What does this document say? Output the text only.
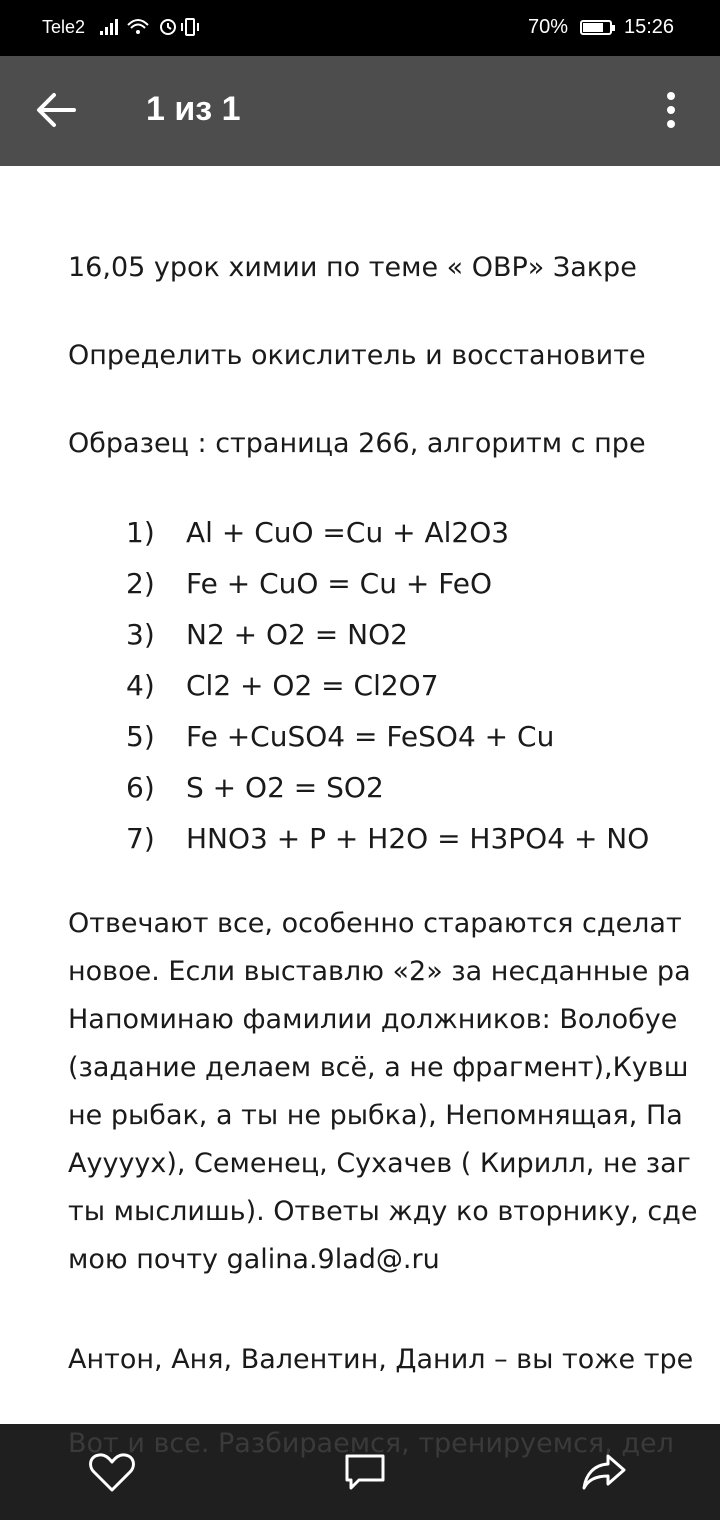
Tele2	70%	15:26
1 из 1
16,05 урок химии по теме « ОВР» Закре
Определить окислитель и восстановите
Образец : страница 266, алгоритм с пре
1) Al + CuO =Cu + Al2O3
2) Fe + CuO = Cu + FeO
3) N2 + O2 = NO2
4) Cl2 + O2 = Cl2O7
5) Fe +CuSO4 = FeSO4 + Cu
6) S + O2 = SO2
7) HNO3 + P + H2O = H3PO4 + NO
Отвечают все, особенно стараются сделат
новое. Если выставлю «2» за несданные ра
Напоминаю фамилии должников: Волобуе
(задание делаем всё, а не фрагмент),Кувш
не рыбак, а ты не рыбка), Непомнящая, Па
Ауууух), Семенец, Сухачев ( Кирилл, не заг
ты мыслишь). Ответы жду ко вторнику, сде
мою почту galina.9lad@.ru
Антон, Аня, Валентин, Данил – вы тоже тре
Вот и все. Разбираемся, тренируемся, дел
